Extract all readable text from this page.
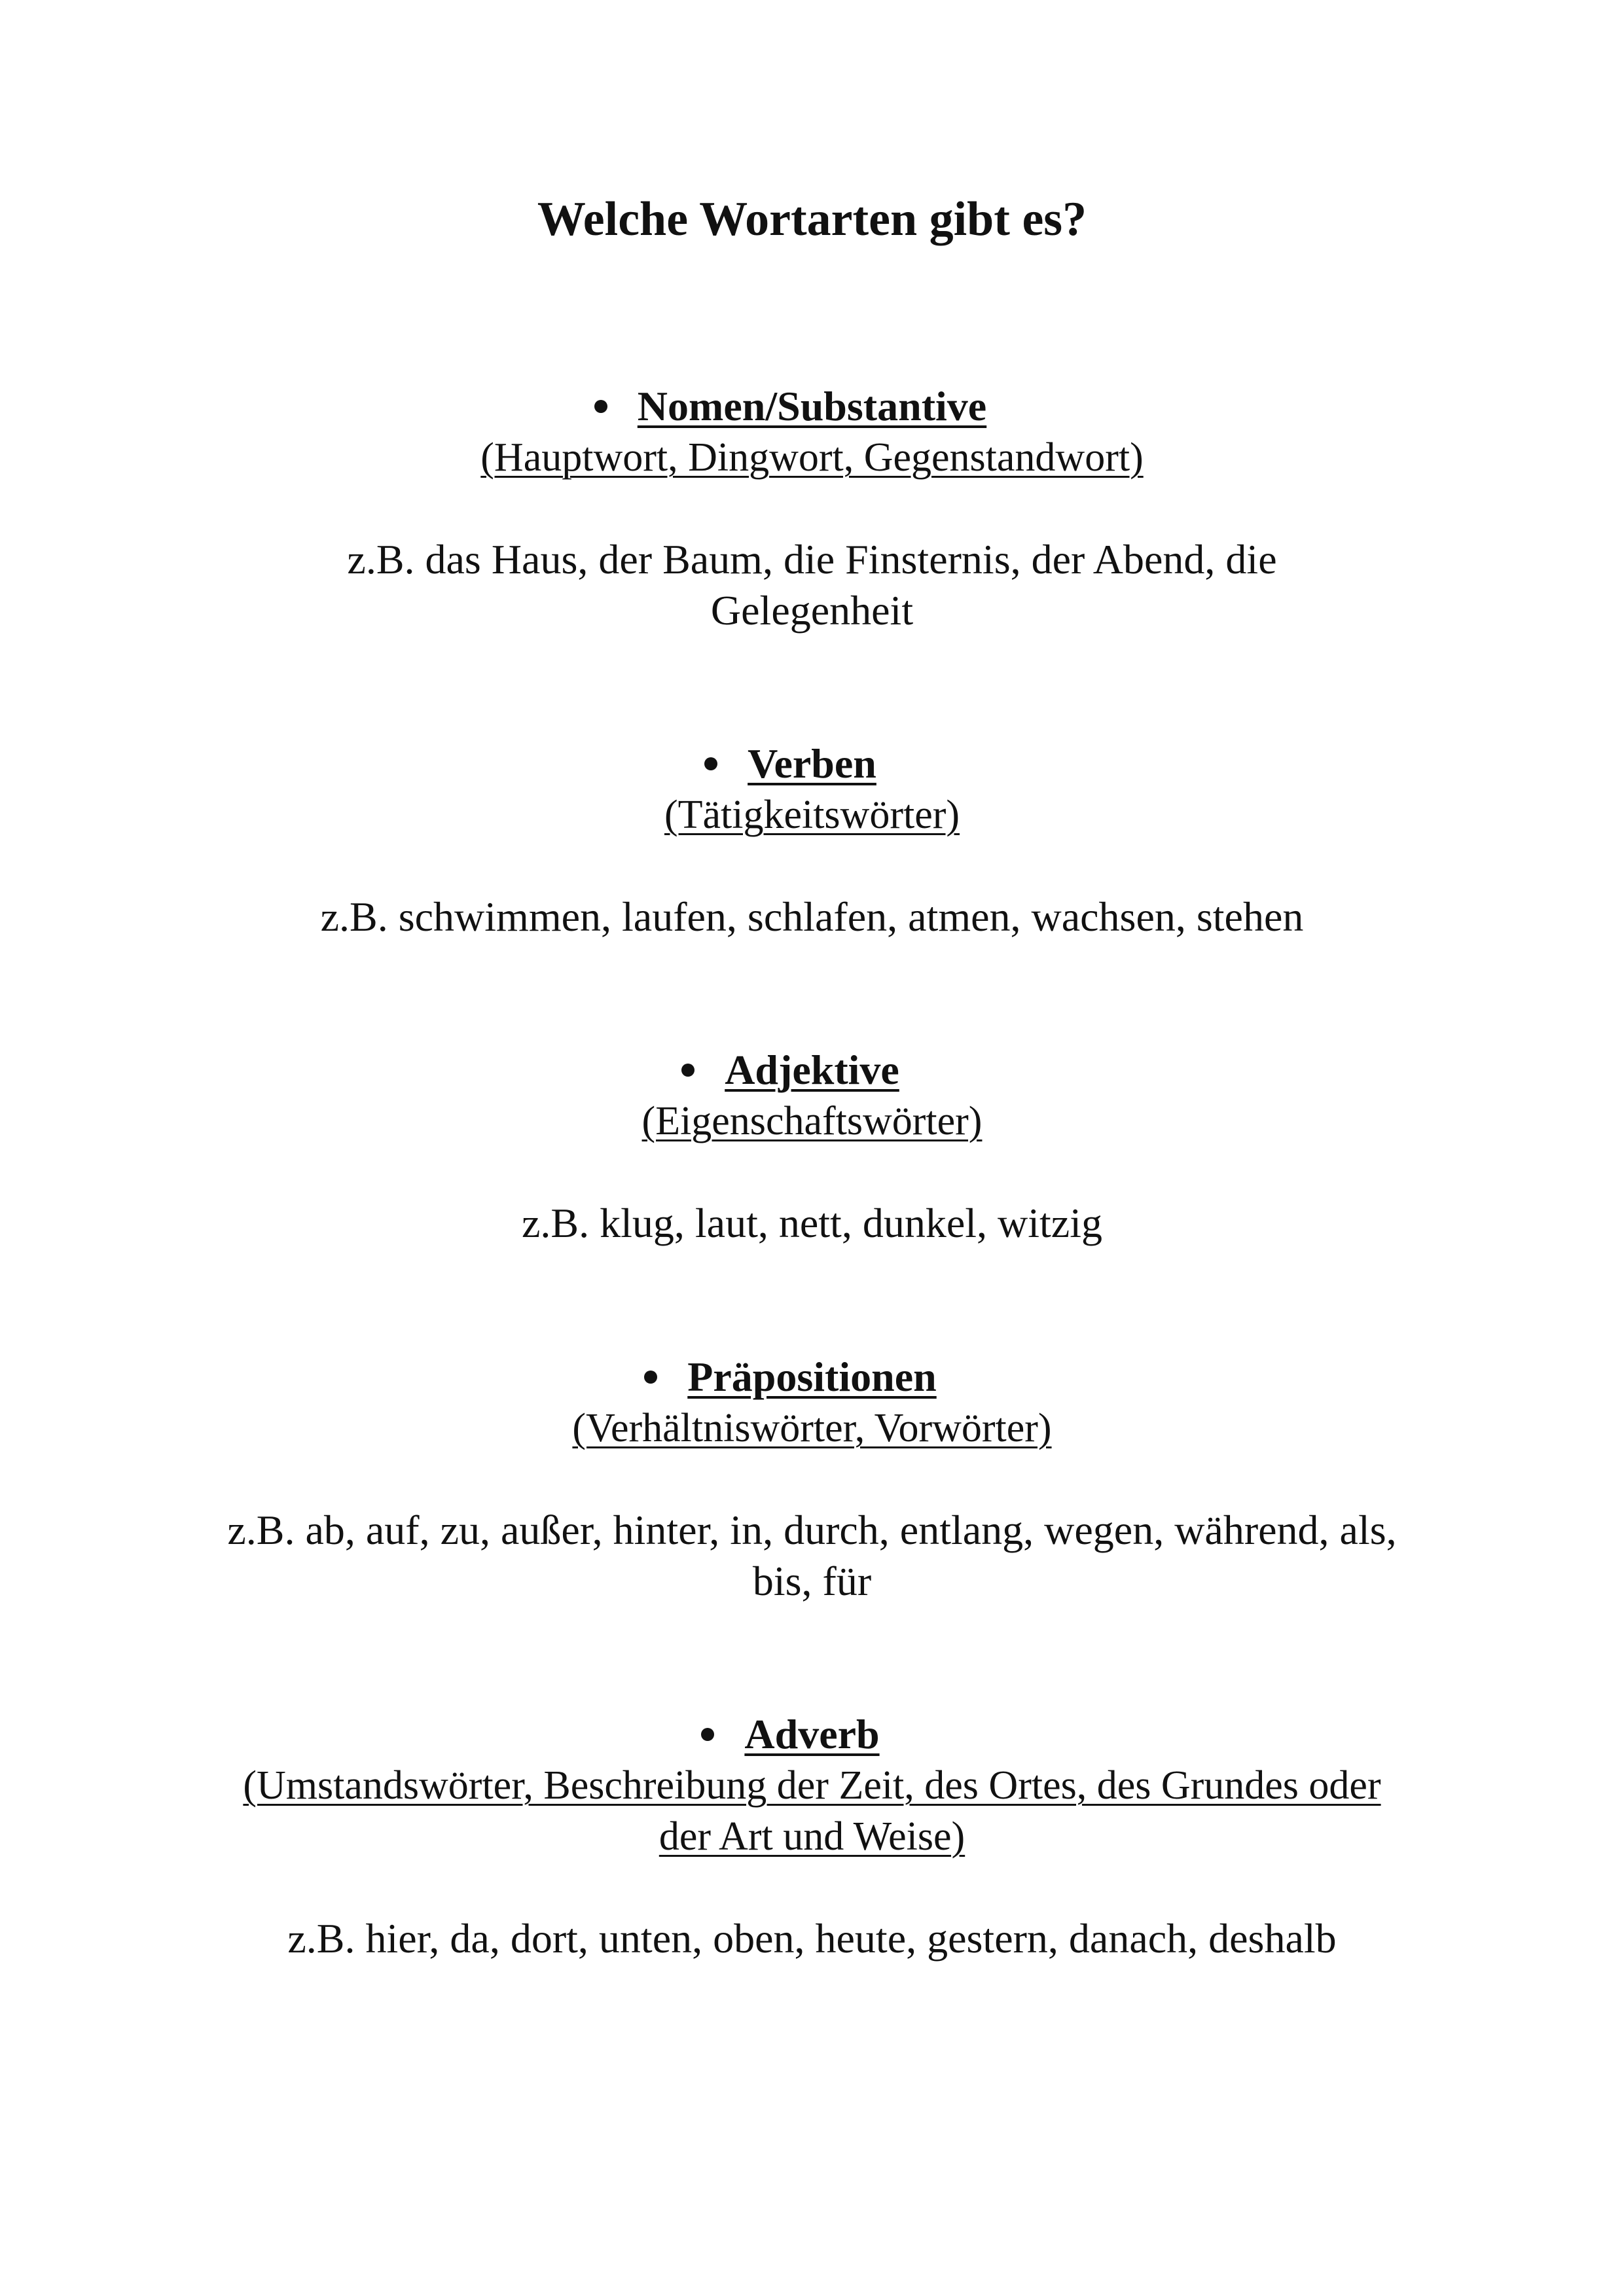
Welche Wortarten gibt es?
Nomen/Substantive
(Hauptwort, Dingwort, Gegenstandwort)
z.B. das Haus, der Baum, die Finsternis, der Abend, die Gelegenheit
Verben
(Tätigkeitswörter)
z.B. schwimmen, laufen, schlafen, atmen, wachsen, stehen
Adjektive
(Eigenschaftswörter)
z.B. klug, laut, nett, dunkel, witzig
Präpositionen
(Verhältniswörter, Vorwörter)
z.B. ab, auf, zu, außer, hinter, in, durch, entlang, wegen, während, als, bis, für
Adverb
(Umstandswörter, Beschreibung der Zeit, des Ortes, des Grundes oder der Art und Weise)
z.B. hier, da, dort, unten, oben, heute, gestern, danach, deshalb
